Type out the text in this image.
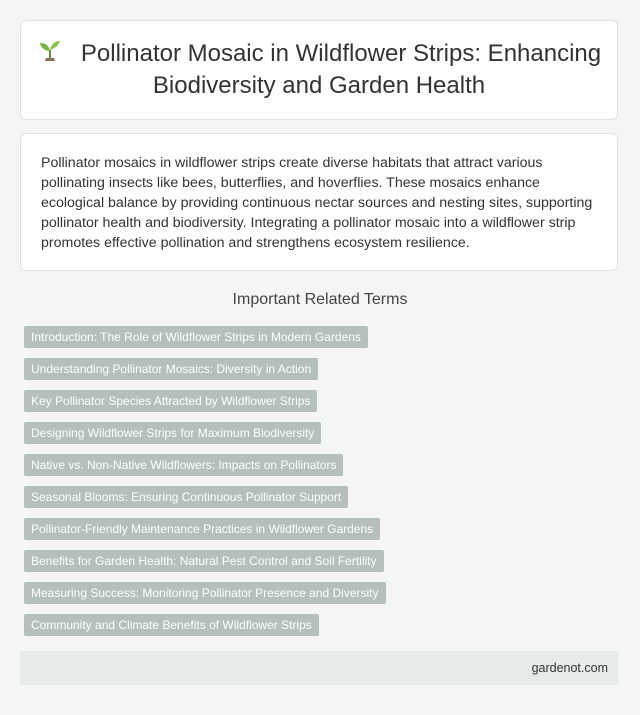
Pollinator Mosaic in Wildflower Strips: Enhancing Biodiversity and Garden Health

Pollinator mosaics in wildflower strips create diverse habitats that attract various pollinating insects like bees, butterflies, and hoverflies. These mosaics enhance ecological balance by providing continuous nectar sources and nesting sites, supporting pollinator health and biodiversity. Integrating a pollinator mosaic into a wildflower strip promotes effective pollination and strengthens ecosystem resilience.

Important Related Terms
Introduction: The Role of Wildflower Strips in Modern Gardens
Understanding Pollinator Mosaics: Diversity in Action
Key Pollinator Species Attracted by Wildflower Strips
Designing Wildflower Strips for Maximum Biodiversity
Native vs. Non-Native Wildflowers: Impacts on Pollinators
Seasonal Blooms: Ensuring Continuous Pollinator Support
Pollinator-Friendly Maintenance Practices in Wildflower Gardens
Benefits for Garden Health: Natural Pest Control and Soil Fertility
Measuring Success: Monitoring Pollinator Presence and Diversity
Community and Climate Benefits of Wildflower Strips
gardenot.com
